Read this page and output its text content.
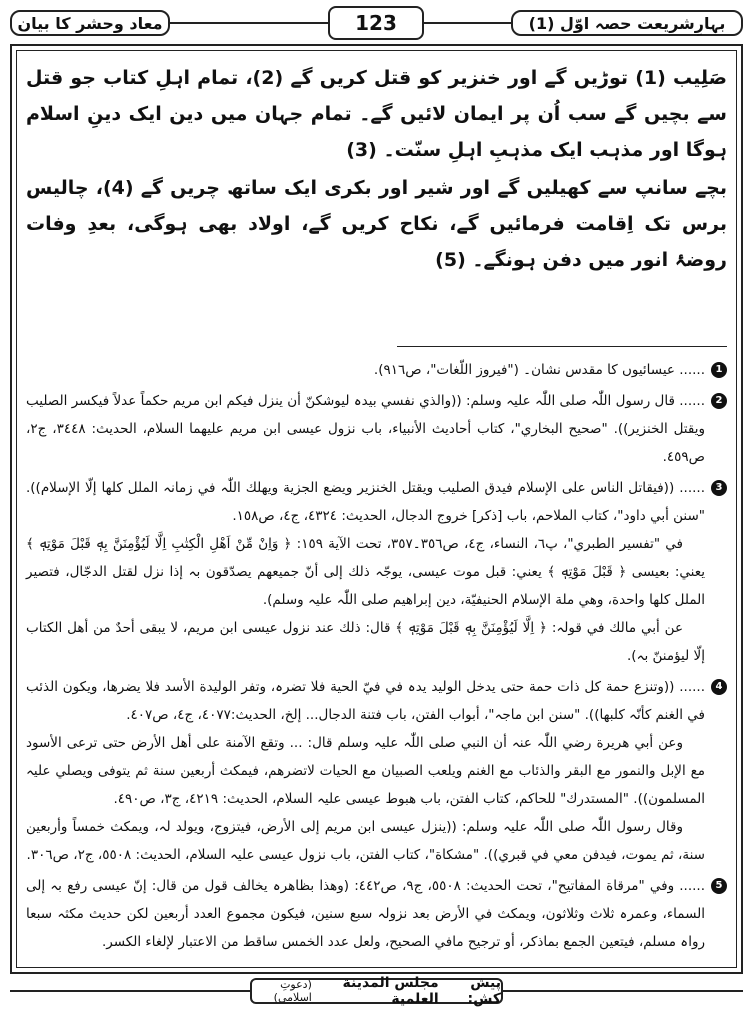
معاد وحشر کا بیان	123	بہارِشریعت حصہ اوّل (1)

صَلِیب (1) توڑیں گے اور خنزیر کو قتل کریں گے (2)، تمام اہلِ کتاب جو قتل سے بچیں گے سب اُن پر ایمان لائیں گے۔ تمام جہان میں دین ایک دینِ اسلام ہوگا اور مذہب ایک مذہبِ اہلِ سنّت۔ (3)

بچے سانپ سے کھیلیں گے اور شیر اور بکری ایک ساتھ چریں گے (4)، چالیس برس تک اِقامت فرمائیں گے، نکاح کریں گے، اولاد بھی ہوگی، بعدِ وفات روضۂ انور میں دفن ہونگے۔ (5)

1

...... عیسائیوں کا مقدس نشان۔ ("فیروز اللّغات"، ص٩١٦).

2

...... قال رسول اللّٰہ صلی اللّٰہ علیہ وسلم: ((والذي نفسي بیدہ لیوشکنّ أن ینزل فیکم ابن مریم حکماً عدلاً فیکسر الصلیب ویقتل الخنزیر)). "صحیح البخاري"، کتاب أحادیث الأنبیاء، باب نزول عیسی ابن مریم علیھما السلام، الحدیث: ٣٤٤٨، ج٢، ص٤٥٩.

3

...... ((فیقاتل الناس علی الإسلام فیدق الصلیب ویقتل الخنزیر ویضع الجزیة ویھلك اللّٰہ في زمانہ الملل کلھا إلّا الإسلام)). "سنن أبي داود"، کتاب الملاحم، باب [ذکر] خروج الدجال، الحدیث: ٤٣٢٤، ج٤، ص١٥٨.

في "تفسیر الطبري"، پ٦، النساء، ج٤، ص٣٥٦۔٣٥٧، تحت الآیة ١٥٩: ﴿ وَاِنْ مِّنْ اَهْلِ الْكِتٰبِ اِلَّا لَیُؤْمِنَنَّ بِهٖ قَبْلَ مَوْتِهٖ ﴾ یعني: بعیسی ﴿ قَبْلَ مَوْتِهٖ ﴾ یعني: قبل موت عیسی، یوجّہ ذلك إلی أنّ جمیعھم یصدّقون بہ إذا نزل لقتل الدجّال، فتصیر الملل کلھا واحدة، وھي ملة الإسلام الحنیفیّة، دین إبراھیم صلی اللّٰہ علیہ وسلم).

عن أبي مالك في قولہ: ﴿ اِلَّا لَیُؤْمِنَنَّ بِهٖ قَبْلَ مَوْتِهٖ ﴾ قال: ذلك عند نزول عیسی ابن مریم، لا یبقی أحدٌ من أھل الکتاب إلّا لیؤمننّ بہ).

4

...... ((وتنزع حمة کل ذات حمة حتی یدخل الولید یدہ في فيّ الحیة فلا تضرہ، وتفر الولیدة الأسد فلا یضرھا، ویکون الذئب في الغنم کأنّہ کلبھا)). "سنن ابن ماجہ"، أبواب الفتن، باب فتنة الدجال... إلخ، الحدیث:٤٠٧٧، ج٤، ص٤٠٧.

وعن أبي ھریرة رضي اللّٰہ عنہ أن النبي صلی اللّٰہ علیہ وسلم قال: ... وتقع الآمنة علی أھل الأرض حتی ترعی الأسود مع الإبل والنمور مع البقر والذئاب مع الغنم ویلعب الصبیان مع الحیات لاتضرھم، فیمکث أربعین سنة ثم یتوفی ویصلي علیہ المسلمون)). "المستدرك" للحاکم، کتاب الفتن، باب ھبوط عیسی علیہ السلام، الحدیث: ٤٢١٩، ج٣، ص٤٩٠.

وقال رسول اللّٰہ صلی اللّٰہ علیہ وسلم: ((ینزل عیسی ابن مریم إلی الأرض، فیتزوج، ویولد لہ، ویمکث خمساً وأربعین سنة، ثم یموت، فیدفن معي في قبري)). "مشکاة"، کتاب الفتن، باب نزول عیسی علیہ السلام، الحدیث: ٥٥٠٨، ج٢، ص٣٠٦.

5

...... وفي "مرقاة المفاتیح"، تحت الحدیث: ٥٥٠٨، ج٩، ص٤٤٢: (وھذا بظاھرہ یخالف قول من قال: إنّ عیسی رفع بہ إلی السماء، وعمرہ ثلاث وثلاثون، ویمکث في الأرض بعد نزولہ سبع سنین، فیکون مجموع العدد أربعین لکن حدیث مکثہ سبعا رواہ مسلم، فیتعین الجمع بماذکر، أو ترجیح مافي الصحیح، ولعل عدد الخمس ساقط من الاعتبار لإلغاء الکسر.

پیش کش:
مجلس المدینة العلمیة
(دعوتِ اسلامی)
